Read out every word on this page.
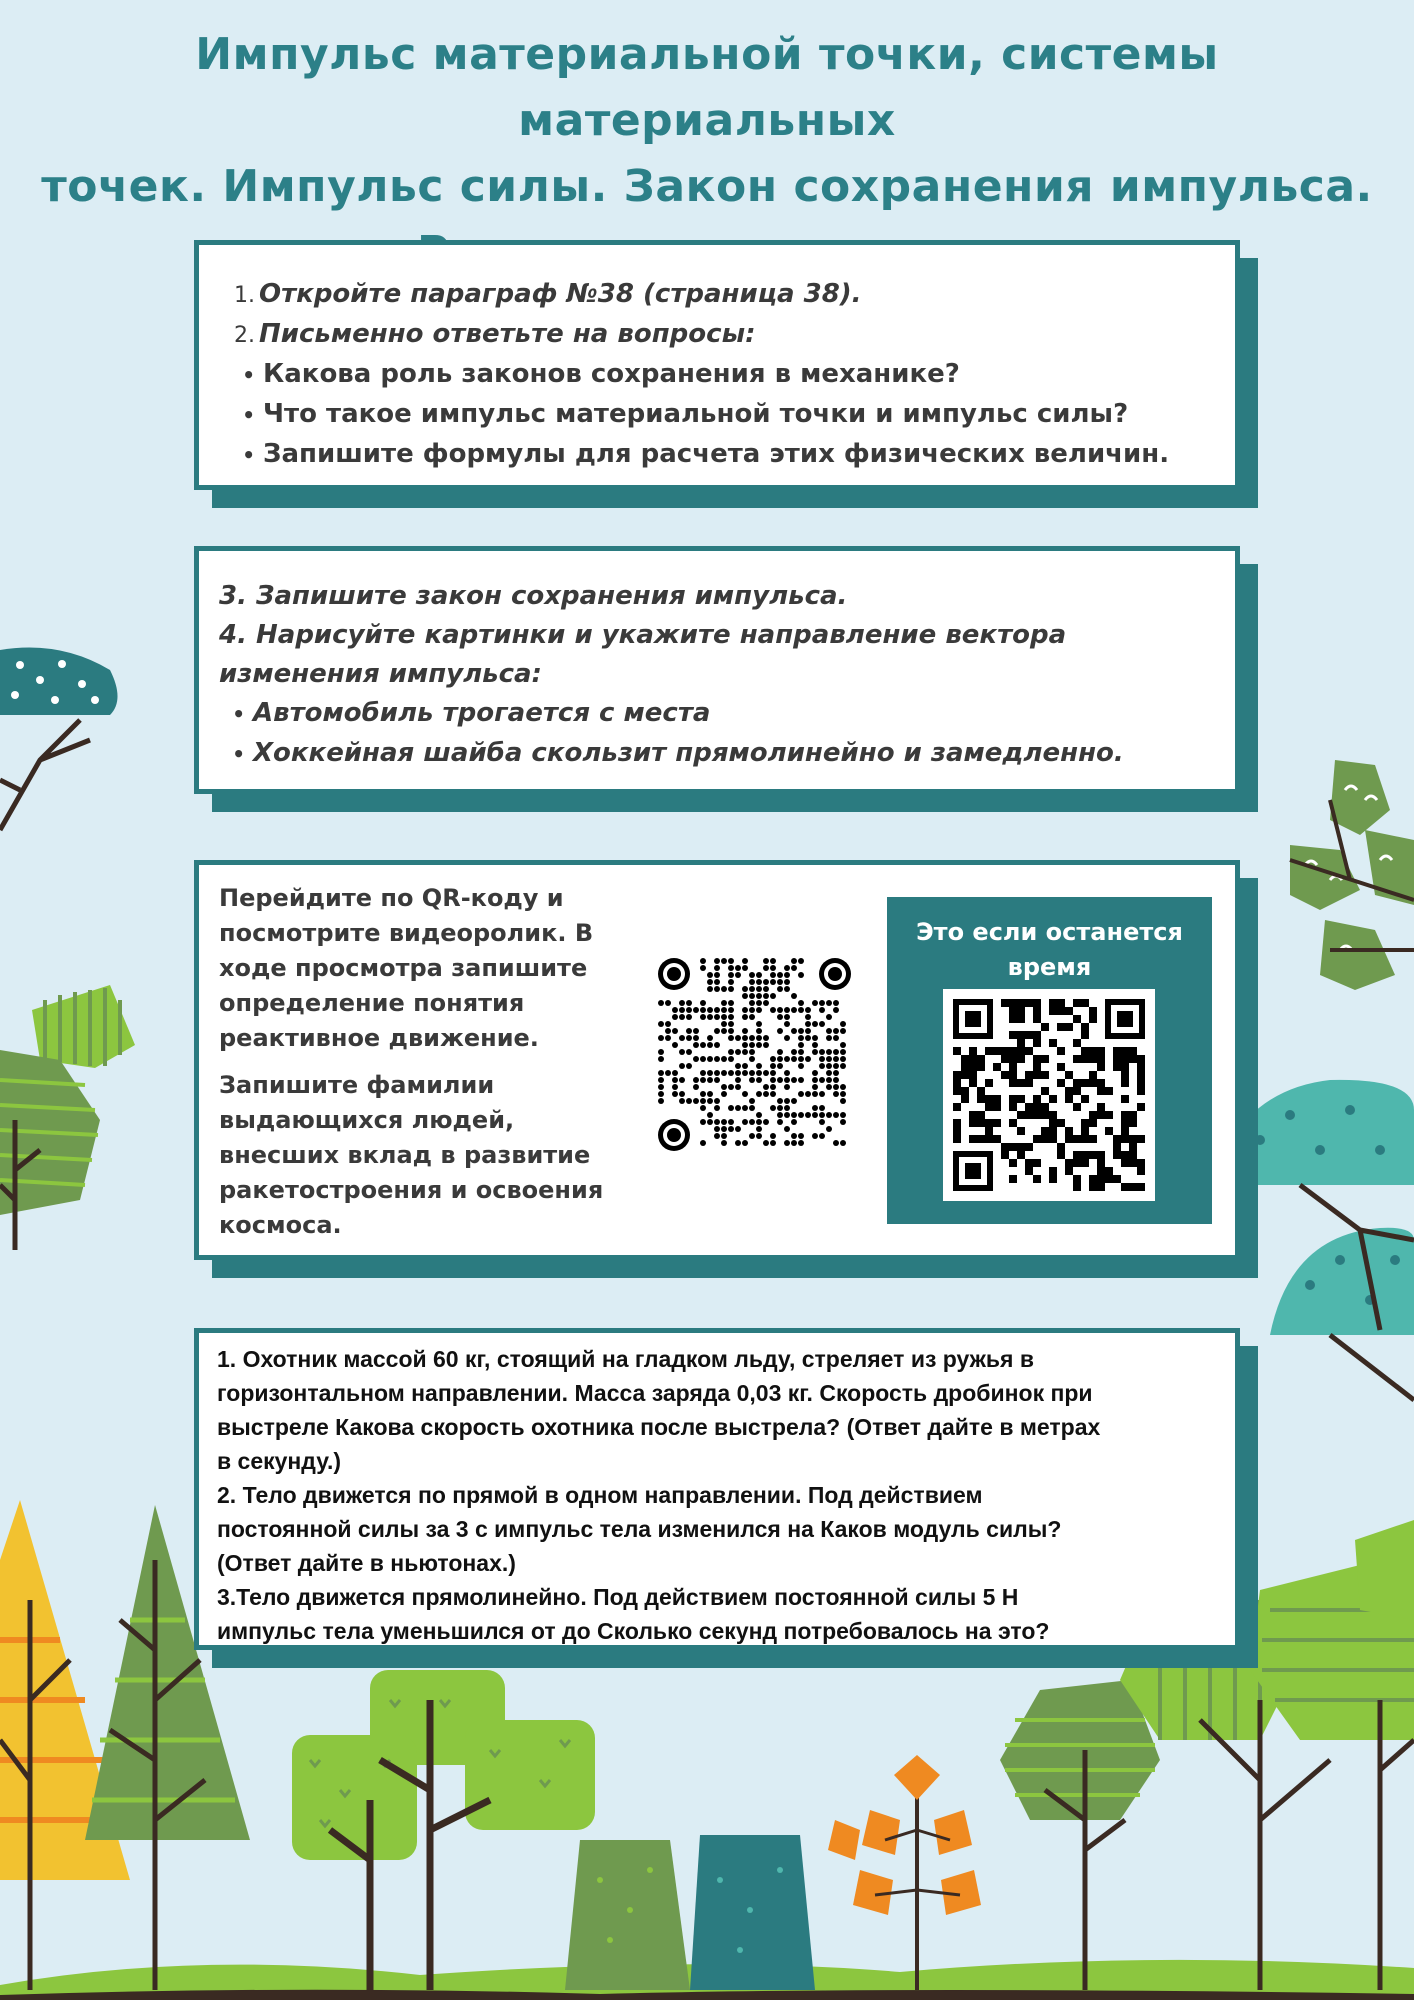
Импульс материальной точки, системы материальных
точек. Импульс силы. Закон сохранения импульса.
1. Откройте параграф №38 (страница 38).
2. Письменно ответьте на вопросы:
• Какова роль законов сохранения в механике?
• Что такое импульс материальной точки и импульс силы?
• Запишите формулы для расчета этих физических величин.
3. Запишите закон сохранения импульса.
4. Нарисуйте картинки и укажите направление вектора
изменения импульса:
• Автомобиль трогается с места
• Хоккейная шайба скользит прямолинейно и замедленно.

Перейдите по QR-коду и посмотрите видеоролик. В ходе просмотра запишите определение понятия реактивное движение.

Запишите фамилии выдающихся людей, внесших вклад в развитие ракетостроения и освоения космоса.

Это если останется время
1. Охотник массой 60 кг, стоящий на гладком льду, стреляет из ружья в
горизонтальном направлении. Масса заряда 0,03 кг. Скорость дробинок при
выстреле Какова скорость охотника после выстрела? (Ответ дайте в метрах
в секунду.)
2. Тело движется по прямой в одном направлении. Под действием
постоянной силы за 3 с импульс тела изменился на Каков модуль силы?
(Ответ дайте в ньютонах.)
3.Тело движется прямолинейно. Под действием постоянной силы 5 Н
импульс тела уменьшился от до Сколько секунд потребовалось на это?
